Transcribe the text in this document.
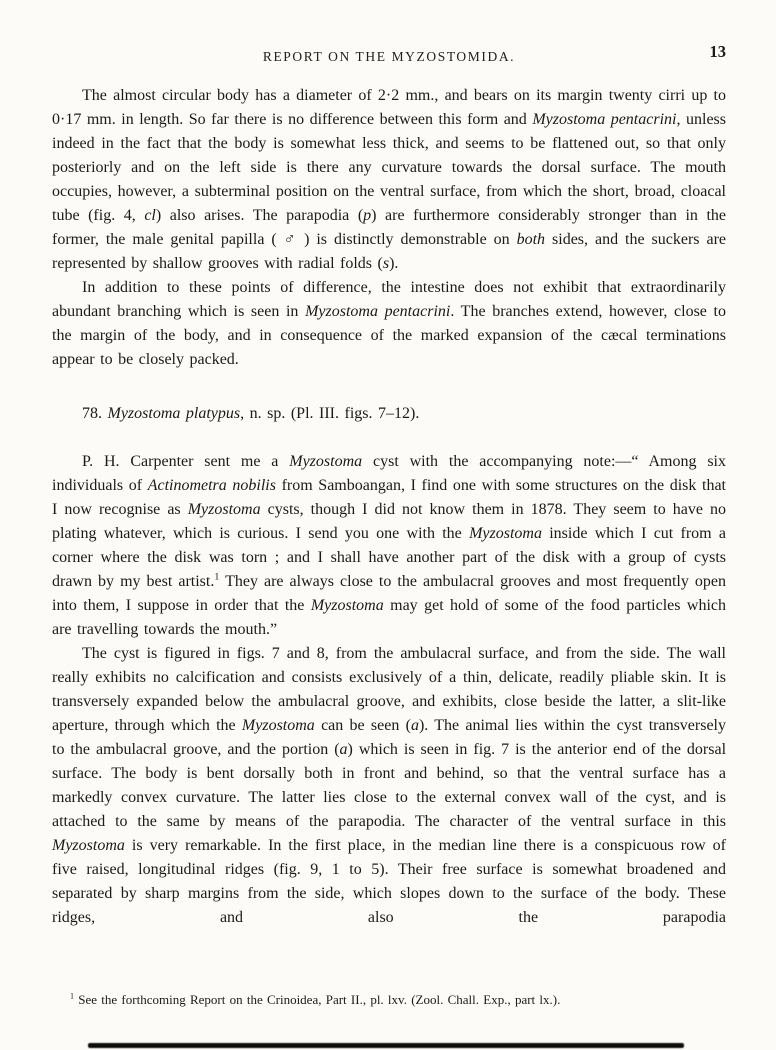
REPORT ON THE MYZOSTOMIDA.	13

The almost circular body has a diameter of 2·2 mm., and bears on its margin twenty cirri up to 0·17 mm. in length. So far there is no difference between this form and Myzostoma pentacrini, unless indeed in the fact that the body is somewhat less thick, and seems to be flattened out, so that only posteriorly and on the left side is there any curvature towards the dorsal surface. The mouth occupies, however, a subterminal position on the ventral surface, from which the short, broad, cloacal tube (fig. 4, cl) also arises. The parapodia (p) are furthermore considerably stronger than in the former, the male genital papilla ( ♂ ) is distinctly demonstrable on both sides, and the suckers are represented by shallow grooves with radial folds (s).

In addition to these points of difference, the intestine does not exhibit that extraordinarily abundant branching which is seen in Myzostoma pentacrini. The branches extend, however, close to the margin of the body, and in consequence of the marked expansion of the cæcal terminations appear to be closely packed.

78. Myzostoma platypus, n. sp. (Pl. III. figs. 7–12).

P. H. Carpenter sent me a Myzostoma cyst with the accompanying note:—“ Among six individuals of Actinometra nobilis from Samboangan, I find one with some structures on the disk that I now recognise as Myzostoma cysts, though I did not know them in 1878. They seem to have no plating whatever, which is curious. I send you one with the Myzostoma inside which I cut from a corner where the disk was torn ; and I shall have another part of the disk with a group of cysts drawn by my best artist.$^1$ They are always close to the ambulacral grooves and most frequently open into them, I suppose in order that the Myzostoma may get hold of some of the food particles which are travelling towards the mouth.”

The cyst is figured in figs. 7 and 8, from the ambulacral surface, and from the side. The wall really exhibits no calcification and consists exclusively of a thin, delicate, readily pliable skin. It is transversely expanded below the ambulacral groove, and exhibits, close beside the latter, a slit-like aperture, through which the Myzostoma can be seen (a). The animal lies within the cyst transversely to the ambulacral groove, and the portion (a) which is seen in fig. 7 is the anterior end of the dorsal surface. The body is bent dorsally both in front and behind, so that the ventral surface has a markedly convex curvature. The latter lies close to the external convex wall of the cyst, and is attached to the same by means of the parapodia. The character of the ventral surface in this Myzostoma is very remarkable. In the first place, in the median line there is a conspicuous row of five raised, longitudinal ridges (fig. 9, 1 to 5). Their free surface is somewhat broadened and separated by sharp margins from the side, which slopes down to the surface of the body. These ridges, and also the parapodia

$^1$ See the forthcoming Report on the Crinoidea, Part II., pl. lxv. (Zool. Chall. Exp., part lx.).
